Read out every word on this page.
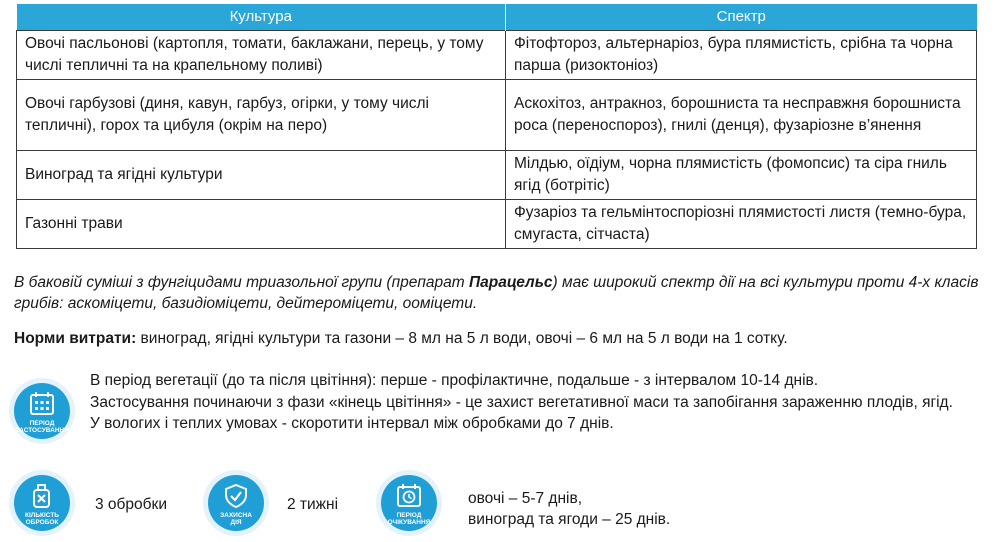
Культура	Спектр
Овочі пасльонові (картопля, томати, баклажани, перець, у тому числі тепличні та на крапельному поливі)	Фітофтороз, альтернаріоз, бура плямистість, срібна та чорна парша (ризоктоніоз)
Овочі гарбузові (диня, кавун, гарбуз, огірки, у тому числі тепличні), горох та цибуля (окрім на перо)	Аскохітоз, антракноз, борошниста та несправжня борошниста роса (переноспороз), гнилі (денця), фузаріозне в’янення
Виноград та ягідні культури	Мілдью, оїдіум, чорна плямистість (фомопсис) та сіра гниль ягід (ботрітіс)
Газонні трави	Фузаріоз та гельмінтоспоріозні плямистості листя (темно-бура, смугаста, сітчаста)
В баковій суміші з фунгіцидами триазольної групи (препарат Парацельс) має широкий спектр дії на всі культури проти 4-х класів грибів: аскоміцети, базидіоміцети, дейтероміцети, ооміцети.
Норми витрати: виноград, ягідні культури та газони – 8 мл на 5 л води, овочі – 6 мл на 5 л води на 1 сотку.
ПЕРІОД
ЗАСТОСУВАННЯ
В період вегетації (до та після цвітіння): перше - профілактичне, подальше - з інтервалом 10-14 днів.
Застосування починаючи з фази «кінець цвітіння» - це захист вегетативної маси та запобігання зараженню плодів, ягід.
У вологих і теплих умовах - скоротити інтервал між обробками до 7 днів.
КІЛЬКІСТЬ
ОБРОБОК
3 обробки
ЗАХИСНА
ДІЯ
2 тижні
ПЕРІОД
ОЧІКУВАННЯ
овочі – 5-7 днів,
виноград та ягоди – 25 днів.
